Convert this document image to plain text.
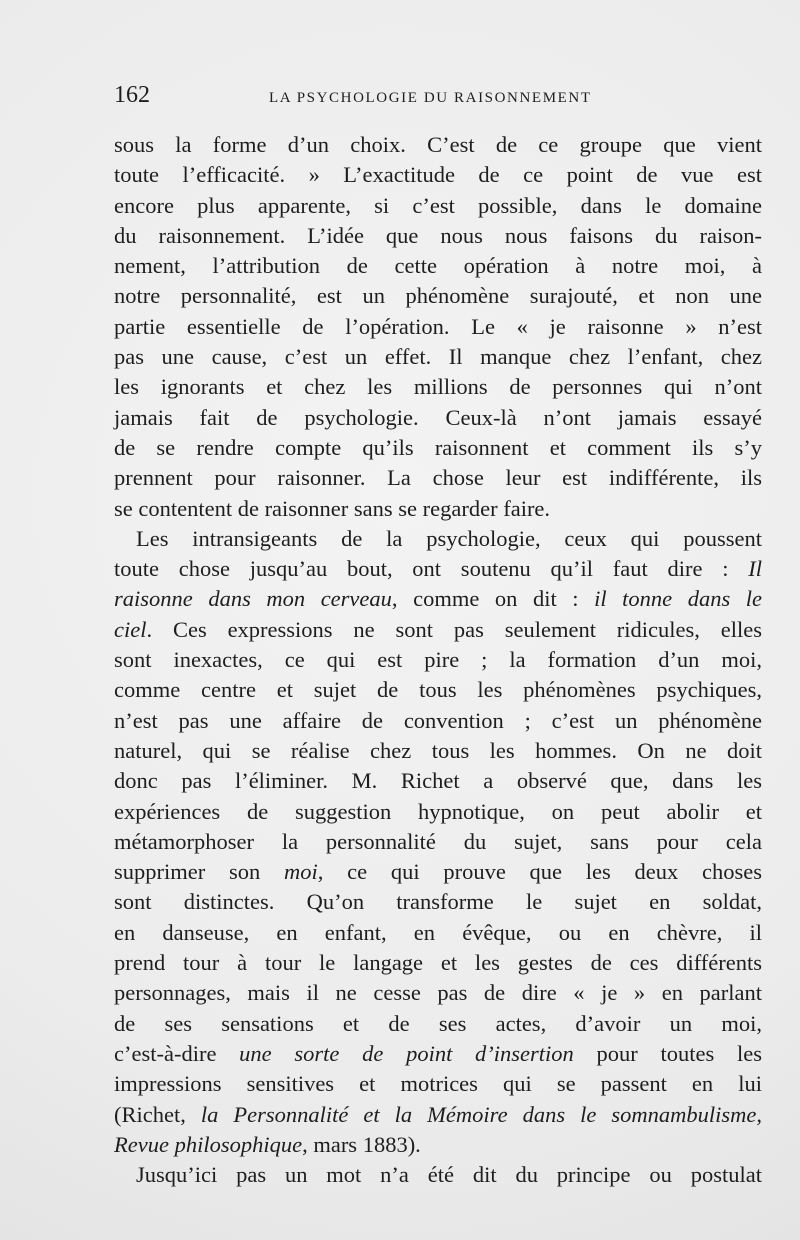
162	LA PSYCHOLOGIE DU RAISONNEMENT
sous la forme d’un choix. C’est de ce groupe que vient
toute l’efficacité. » L’exactitude de ce point de vue est
encore plus apparente, si c’est possible, dans le domaine
du raisonnement. L’idée que nous nous faisons du raison-
nement, l’attribution de cette opération à notre moi, à
notre personnalité, est un phénomène surajouté, et non une
partie essentielle de l’opération. Le « je raisonne » n’est
pas une cause, c’est un effet. Il manque chez l’enfant, chez
les ignorants et chez les millions de personnes qui n’ont
jamais fait de psychologie. Ceux-là n’ont jamais essayé
de se rendre compte qu’ils raisonnent et comment ils s’y
prennent pour raisonner. La chose leur est indifférente, ils
se contentent de raisonner sans se regarder faire.
Les intransigeants de la psychologie, ceux qui poussent
toute chose jusqu’au bout, ont soutenu qu’il faut dire : Il
raisonne dans mon cerveau, comme on dit : il tonne dans le
ciel. Ces expressions ne sont pas seulement ridicules, elles
sont inexactes, ce qui est pire ; la formation d’un moi,
comme centre et sujet de tous les phénomènes psychiques,
n’est pas une affaire de convention ; c’est un phénomène
naturel, qui se réalise chez tous les hommes. On ne doit
donc pas l’éliminer. M. Richet a observé que, dans les
expériences de suggestion hypnotique, on peut abolir et
métamorphoser la personnalité du sujet, sans pour cela
supprimer son moi, ce qui prouve que les deux choses
sont distinctes. Qu’on transforme le sujet en soldat,
en danseuse, en enfant, en évêque, ou en chèvre, il
prend tour à tour le langage et les gestes de ces différents
personnages, mais il ne cesse pas de dire « je » en parlant
de ses sensations et de ses actes, d’avoir un moi,
c’est-à-dire une sorte de point d’insertion pour toutes les
impressions sensitives et motrices qui se passent en lui
(Richet, la Personnalité et la Mémoire dans le somnambulisme,
Revue philosophique, mars 1883).
Jusqu’ici pas un mot n’a été dit du principe ou postulat
